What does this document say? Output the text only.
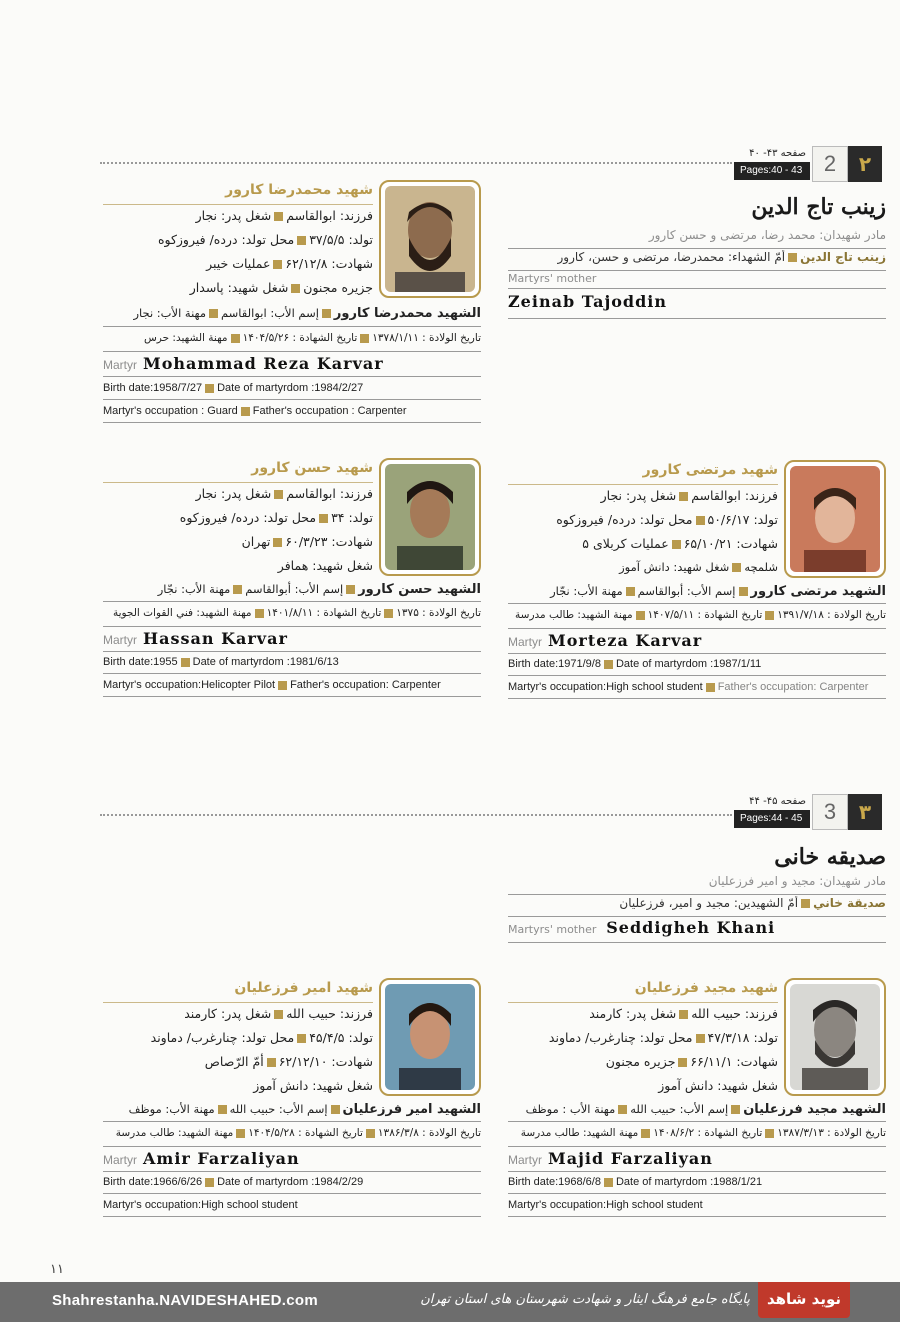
صفحه ۴۳- ۴۰
Pages:40 - 43 2	۲
زینب تاج الدین
مادر شهیدان: محمد رضا، مرتضی و حسن کارور
زينب تاج الدينأمّ الشهداء: محمدرضا، مرتضى و حسن، كارور
Martyrs' mother
Zeinab Tajoddin
شهید محمدرضا کارور
فرزند: ابوالقاسمشغل پدر: نجار
تولد: ۳۷/۵/۵محل تولد: درده/ فیروزکوه
شهادت: ۶۲/۱۲/۸عملیات خیبر
جزیره مجنونشغل شهید: پاسدار
الشهيد محمدرضا كارورإسم الأب: ابوالقاسممهنة الأب: نجار
تاريخ الولادة : ۱۳۷۸/۱/۱۱تاريخ الشهادة : ۱۴۰۴/۵/۲۶مهنة الشهيد: حرس
Martyr Mohammad Reza Karvar
Birth date:1958/7/27 Date of martyrdom :1984/2/27
Martyr's occupation : Guard Father's occupation : Carpenter
شهید حسن کارور
فرزند: ابوالقاسمشغل پدر: نجار
تولد: ۳۴محل تولد: درده/ فیروزکوه
شهادت: ۶۰/۳/۲۳تهران
شغل شهید: همافر
الشهيد حسن كارورإسم الأب: أبوالقاسممهنة الأب: نجّار
تاريخ الولادة : ۱۳۷۵تاريخ الشهادة : ۱۴۰۱/۸/۱۱مهنة الشهيد: فني القوات الجوية
Martyr Hassan Karvar
Birth date:1955 Date of martyrdom :1981/6/13
Martyr's occupation:Helicopter Pilot Father's occupation: Carpenter
شهید مرتضی کارور
فرزند: ابوالقاسمشغل پدر: نجار
تولد: ۵۰/۶/۱۷محل تولد: درده/ فیروزکوه
شهادت: ۶۵/۱۰/۲۱عملیات کربلای ۵
شلمچهشغل شهید: دانش آموز
الشهيد مرتضى كارورإسم الأب: أبوالقاسممهنة الأب: نجّار
تاريخ الولادة : ۱۳۹۱/۷/۱۸تاريخ الشهادة : ۱۴۰۷/۵/۱۱مهنة الشهيد: طالب مدرسة
Martyr Morteza Karvar
Birth date:1971/9/8 Date of martyrdom :1987/1/11
Martyr's occupation:High school student Father's occupation: Carpenter
صفحه ۴۵- ۴۴
Pages:44 - 45 3	۳
صدیقه خانی
مادر شهیدان: مجید و امیر فرزعلیان
صديقة خانيأمّ الشهيدين: مجيد و امير، فرزعليان
Martyrs' mother Seddigheh Khani
شهید امیر فرزعلیان
فرزند: حبیب اللهشغل پدر: کارمند
تولد: ۴۵/۴/۵محل تولد: چنارغرب/ دماوند
شهادت: ۶۲/۱۲/۱۰أمّ الرّصاص
شغل شهید: دانش آموز
الشهيد امير فرزعليانإسم الأب: حبيب اللهمهنة الأب: موظف
تاريخ الولادة : ۱۳۸۶/۳/۸تاريخ الشهادة : ۱۴۰۴/۵/۲۸مهنة الشهيد: طالب مدرسة
Martyr Amir Farzaliyan
Birth date:1966/6/26 Date of martyrdom :1984/2/29
Martyr's occupation:High school student
شهید مجید فرزعلیان
فرزند: حبیب اللهشغل پدر: کارمند
تولد: ۴۷/۳/۱۸محل تولد: چنارغرب/ دماوند
شهادت: ۶۶/۱۱/۱جزیره مجنون
شغل شهید: دانش آموز
الشهيد مجيد فرزعليانإسم الأب: حبيب اللهمهنة الأب : موظف
تاريخ الولادة : ۱۳۸۷/۳/۱۳تاريخ الشهادة : ۱۴۰۸/۶/۲مهنة الشهيد: طالب مدرسة
Martyr Majid Farzaliyan
Birth date:1968/6/8 Date of martyrdom :1988/1/21
Martyr's occupation:High school student
۱۱
Shahrestanha.NAVIDESHAHED.com	پایگاه جامع فرهنگ ایثار و شهادت شهرستان های استان تهران	نوید شاهد
